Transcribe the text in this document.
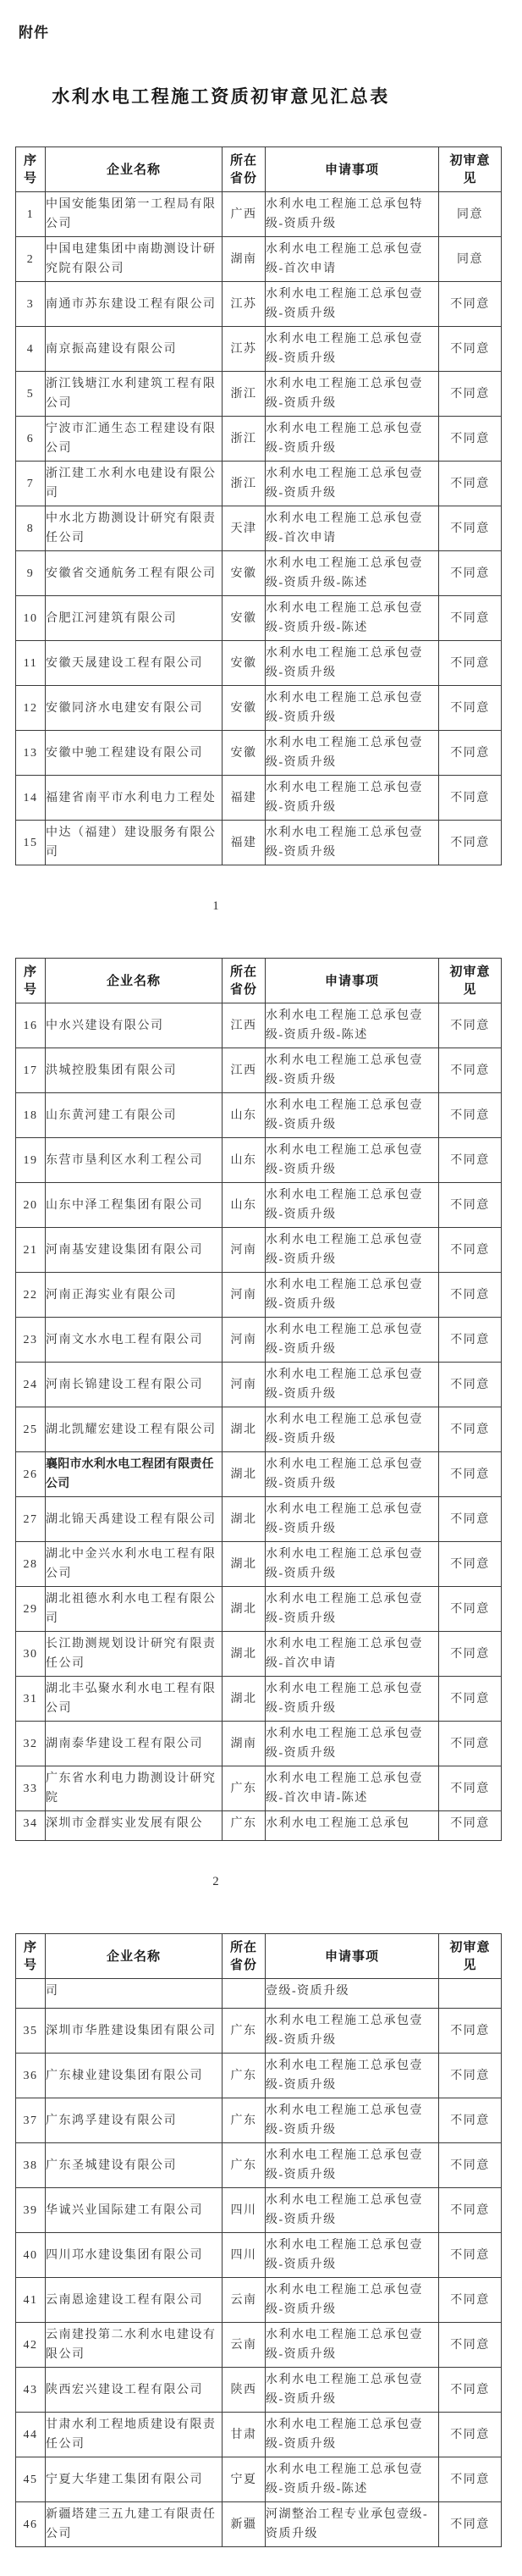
附件
水利水电工程施工资质初审意见汇总表
序号	企业名称	所在省份	申请事项	初审意见
1	中国安能集团第一工程局有限公司	广西	水利水电工程施工总承包特级-资质升级	同意
2	中国电建集团中南勘测设计研究院有限公司	湖南	水利水电工程施工总承包壹级-首次申请	同意
3	南通市苏东建设工程有限公司	江苏	水利水电工程施工总承包壹级-资质升级	不同意
4	南京振高建设有限公司	江苏	水利水电工程施工总承包壹级-资质升级	不同意
5	浙江钱塘江水利建筑工程有限公司	浙江	水利水电工程施工总承包壹级-资质升级	不同意
6	宁波市汇通生态工程建设有限公司	浙江	水利水电工程施工总承包壹级-资质升级	不同意
7	浙江建工水利水电建设有限公司	浙江	水利水电工程施工总承包壹级-资质升级	不同意
8	中水北方勘测设计研究有限责任公司	天津	水利水电工程施工总承包壹级-首次申请	不同意
9	安徽省交通航务工程有限公司	安徽	水利水电工程施工总承包壹级-资质升级-陈述	不同意
10	合肥江河建筑有限公司	安徽	水利水电工程施工总承包壹级-资质升级-陈述	不同意
11	安徽天晟建设工程有限公司	安徽	水利水电工程施工总承包壹级-资质升级	不同意
12	安徽同济水电建安有限公司	安徽	水利水电工程施工总承包壹级-资质升级	不同意
13	安徽中驰工程建设有限公司	安徽	水利水电工程施工总承包壹级-资质升级	不同意
14	福建省南平市水利电力工程处	福建	水利水电工程施工总承包壹级-资质升级	不同意
15	中达（福建）建设服务有限公司	福建	水利水电工程施工总承包壹级-资质升级	不同意
1
序号	企业名称	所在省份	申请事项	初审意见
16	中水兴建设有限公司	江西	水利水电工程施工总承包壹级-资质升级-陈述	不同意
17	洪城控股集团有限公司	江西	水利水电工程施工总承包壹级-资质升级	不同意
18	山东黄河建工有限公司	山东	水利水电工程施工总承包壹级-资质升级	不同意
19	东营市垦利区水利工程公司	山东	水利水电工程施工总承包壹级-资质升级	不同意
20	山东中泽工程集团有限公司	山东	水利水电工程施工总承包壹级-资质升级	不同意
21	河南基安建设集团有限公司	河南	水利水电工程施工总承包壹级-资质升级	不同意
22	河南正海实业有限公司	河南	水利水电工程施工总承包壹级-资质升级	不同意
23	河南文水水电工程有限公司	河南	水利水电工程施工总承包壹级-资质升级	不同意
24	河南长锦建设工程有限公司	河南	水利水电工程施工总承包壹级-资质升级	不同意
25	湖北凯耀宏建设工程有限公司	湖北	水利水电工程施工总承包壹级-资质升级	不同意
26	襄阳市水利水电工程团有限责任公司	湖北	水利水电工程施工总承包壹级-资质升级	不同意
27	湖北锦天禹建设工程有限公司	湖北	水利水电工程施工总承包壹级-资质升级	不同意
28	湖北中金兴水利水电工程有限公司	湖北	水利水电工程施工总承包壹级-资质升级	不同意
29	湖北祖德水利水电工程有限公司	湖北	水利水电工程施工总承包壹级-资质升级	不同意
30	长江勘测规划设计研究有限责任公司	湖北	水利水电工程施工总承包壹级-首次申请	不同意
31	湖北丰弘聚水利水电工程有限公司	湖北	水利水电工程施工总承包壹级-资质升级	不同意
32	湖南泰华建设工程有限公司	湖南	水利水电工程施工总承包壹级-资质升级	不同意
33	广东省水利电力勘测设计研究院	广东	水利水电工程施工总承包壹级-首次申请-陈述	不同意
34	深圳市金群实业发展有限公	广东	水利水电工程施工总承包	不同意
2
序号	企业名称	所在省份	申请事项	初审意见
	司		壹级-资质升级	
35	深圳市华胜建设集团有限公司	广东	水利水电工程施工总承包壹级-资质升级	不同意
36	广东棣业建设集团有限公司	广东	水利水电工程施工总承包壹级-资质升级	不同意
37	广东鸿孚建设有限公司	广东	水利水电工程施工总承包壹级-资质升级	不同意
38	广东圣城建设有限公司	广东	水利水电工程施工总承包壹级-资质升级	不同意
39	华诚兴业国际建工有限公司	四川	水利水电工程施工总承包壹级-资质升级	不同意
40	四川邛水建设集团有限公司	四川	水利水电工程施工总承包壹级-资质升级	不同意
41	云南恩途建设工程有限公司	云南	水利水电工程施工总承包壹级-资质升级	不同意
42	云南建投第二水利水电建设有限公司	云南	水利水电工程施工总承包壹级-资质升级	不同意
43	陕西宏兴建设工程有限公司	陕西	水利水电工程施工总承包壹级-资质升级	不同意
44	甘肃水利工程地质建设有限责任公司	甘肃	水利水电工程施工总承包壹级-资质升级	不同意
45	宁夏大华建工集团有限公司	宁夏	水利水电工程施工总承包壹级-资质升级-陈述	不同意
46	新疆塔建三五九建工有限责任公司	新疆	河湖整治工程专业承包壹级-资质升级	不同意
